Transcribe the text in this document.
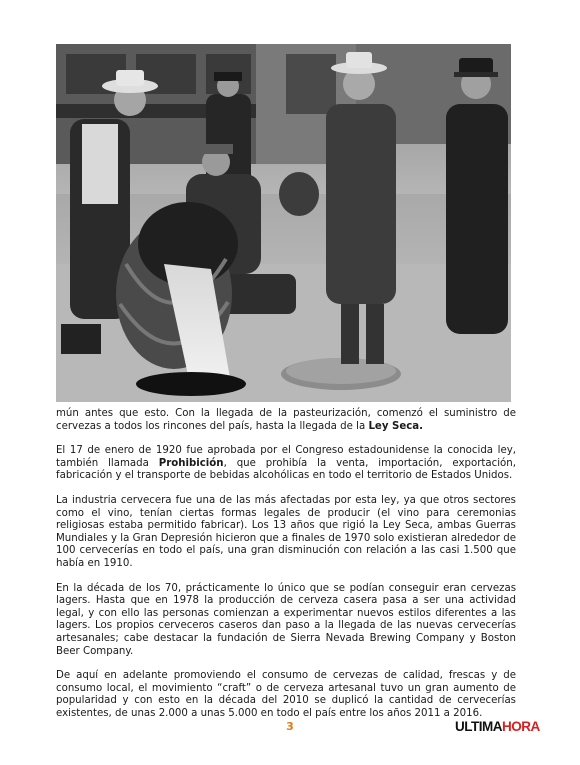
mún antes que esto. Con la llegada de la pasteurización, comenzó el suministro de cervezas a todos los rincones del país, hasta la llegada de la Ley Seca.

El 17 de enero de 1920 fue aprobada por el Congreso estadounidense la conocida ley, también llamada Prohibición, que prohibía la venta, importación, exportación, fabricación y el transporte de bebidas alcohólicas en todo el territorio de Estados Unidos.

La industria cervecera fue una de las más afectadas por esta ley, ya que otros sectores como el vino, tenían ciertas formas legales de producir (el vino para ceremonias religiosas estaba permitido fabricar). Los 13 años que rigió la Ley Seca, ambas Guerras Mundiales y la Gran Depresión hicieron que a finales de 1970 solo existieran alrededor de 100 cervecerías en todo el país, una gran disminución con relación a las casi 1.500 que había en 1910.

En la década de los 70, prácticamente lo único que se podían conseguir eran cervezas lagers. Hasta que en 1978 la producción de cerveza casera pasa a ser una actividad legal, y con ello las personas comienzan a experimentar nuevos estilos diferentes a las lagers. Los propios cerveceros caseros dan paso a la llegada de las nuevas cervecerías artesanales; cabe destacar la fundación de Sierra Nevada Brewing Company y Boston Beer Company.

De aquí en adelante promoviendo el consumo de cervezas de calidad, frescas y de consumo local, el movimiento “craft” o de cerveza artesanal tuvo un gran aumento de popularidad y con esto en la década del 2010 se duplicó la cantidad de cervecerías existentes, de unas 2.000 a unas 5.000 en todo el país entre los años 2011 a 2016.

3	ULTIMAHORA
